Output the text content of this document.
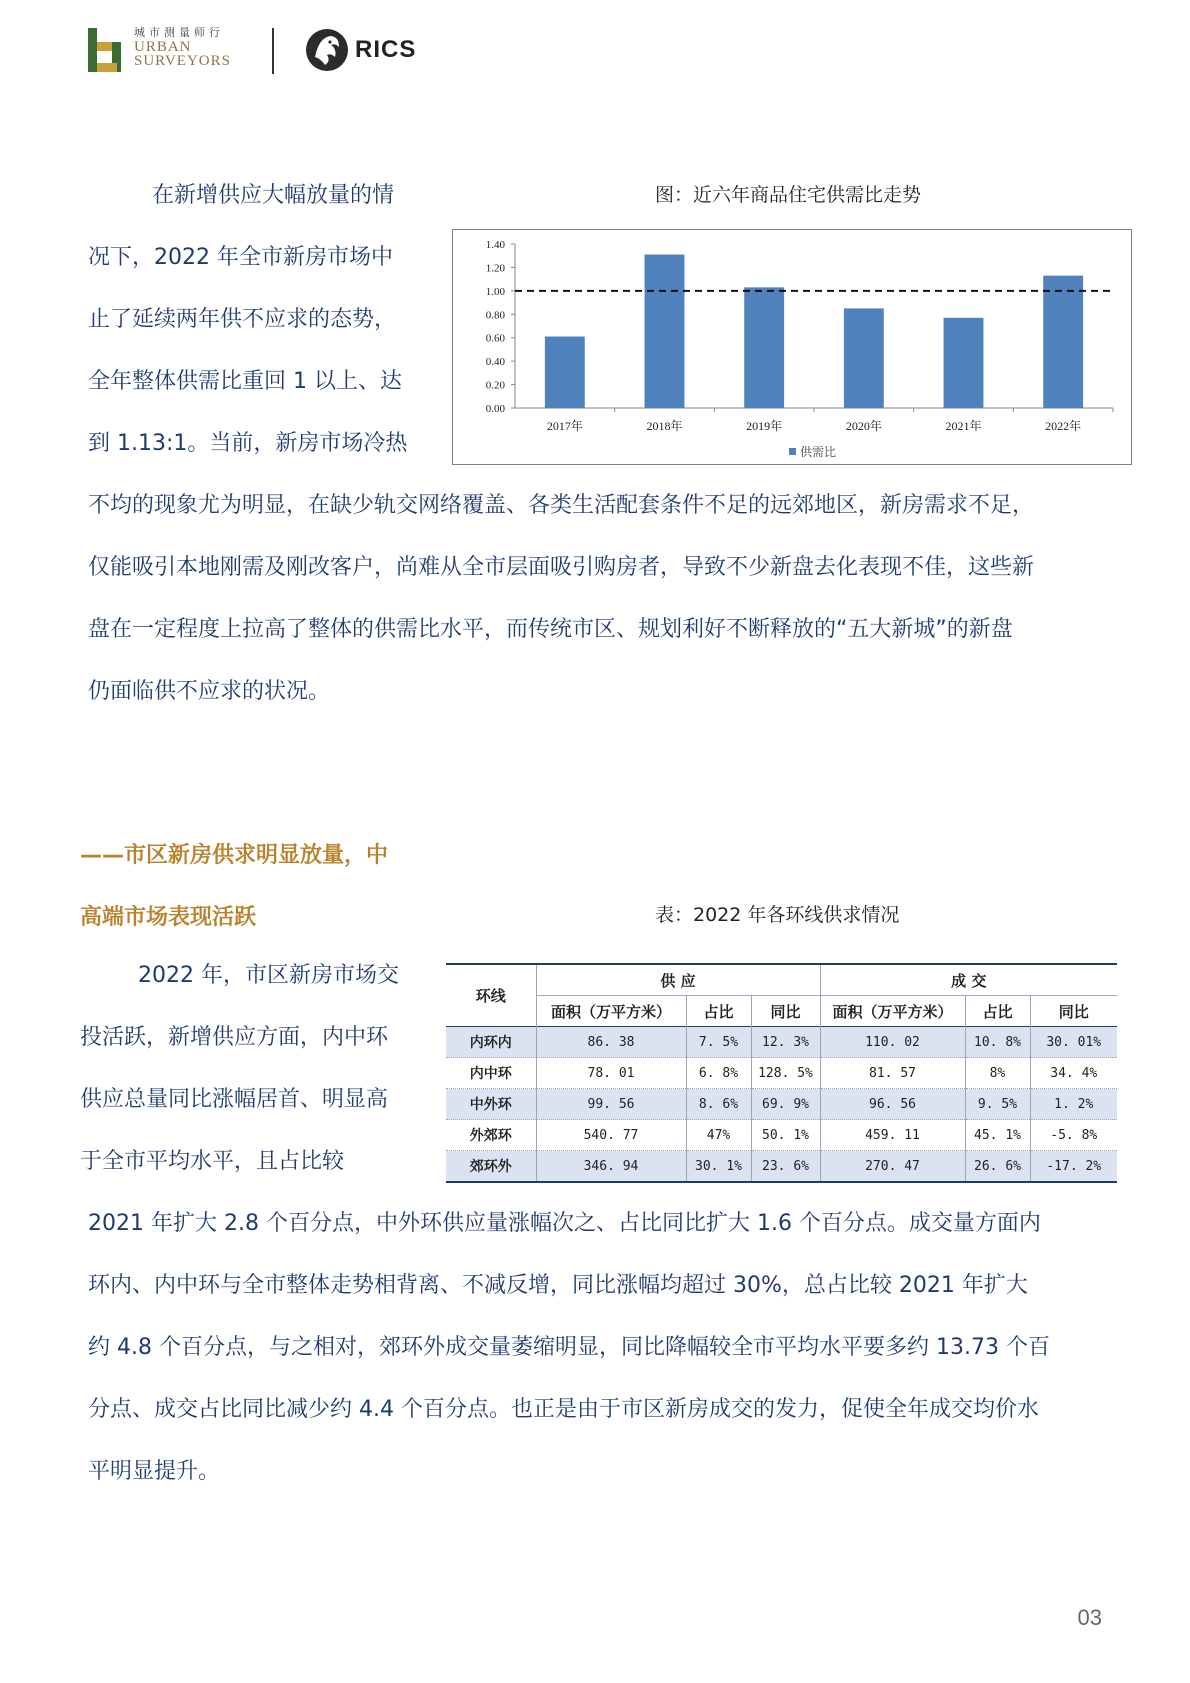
城市测量师行
URBAN
SURVEYORS	RICS
在新增供应大幅放量的情
况下，2022 年全市新房市场中
止了延续两年供不应求的态势，
全年整体供需比重回 1 以上、达
到 1.13:1。当前，新房市场冷热
不均的现象尤为明显，在缺少轨交网络覆盖、各类生活配套条件不足的远郊地区，新房需求不足，
仅能吸引本地刚需及刚改客户，尚难从全市层面吸引购房者，导致不少新盘去化表现不佳，这些新
盘在一定程度上拉高了整体的供需比水平，而传统市区、规划利好不断释放的“五大新城”的新盘
仍面临供不应求的状况。
图：近六年商品住宅供需比走势
0.00
0.20
0.40
0.60
0.80
1.00
1.20
1.40
2017年	2018年	2019年	2020年	2021年	2022年
供需比
——市区新房供求明显放量，中
高端市场表现活跃
2022 年，市区新房市场交
投活跃，新增供应方面，内中环
供应总量同比涨幅居首、明显高
于全市平均水平，且占比较
2021 年扩大 2.8 个百分点，中外环供应量涨幅次之、占比同比扩大 1.6 个百分点。成交量方面内
环内、内中环与全市整体走势相背离、不减反增，同比涨幅均超过 30%，总占比较 2021 年扩大
约 4.8 个百分点，与之相对，郊环外成交量萎缩明显，同比降幅较全市平均水平要多约 13.73 个百
分点、成交占比同比减少约 4.4 个百分点。也正是由于市区新房成交的发力，促使全年成交均价水
平明显提升。
表：2022 年各环线供求情况
环线	供 应			成 交		
	面积（万平方米）	占比	同比	面积（万平方米）	占比	同比
内环内	86. 38	7. 5%	12. 3%	110. 02	10. 8%	30. 01%
内中环	78. 01	6. 8%	128. 5%	81. 57	8%	34. 4%
中外环	99. 56	8. 6%	69. 9%	96. 56	9. 5%	1. 2%
外郊环	540. 77	47%	50. 1%	459. 11	45. 1%	-5. 8%
郊环外	346. 94	30. 1%	23. 6%	270. 47	26. 6%	-17. 2%
03
